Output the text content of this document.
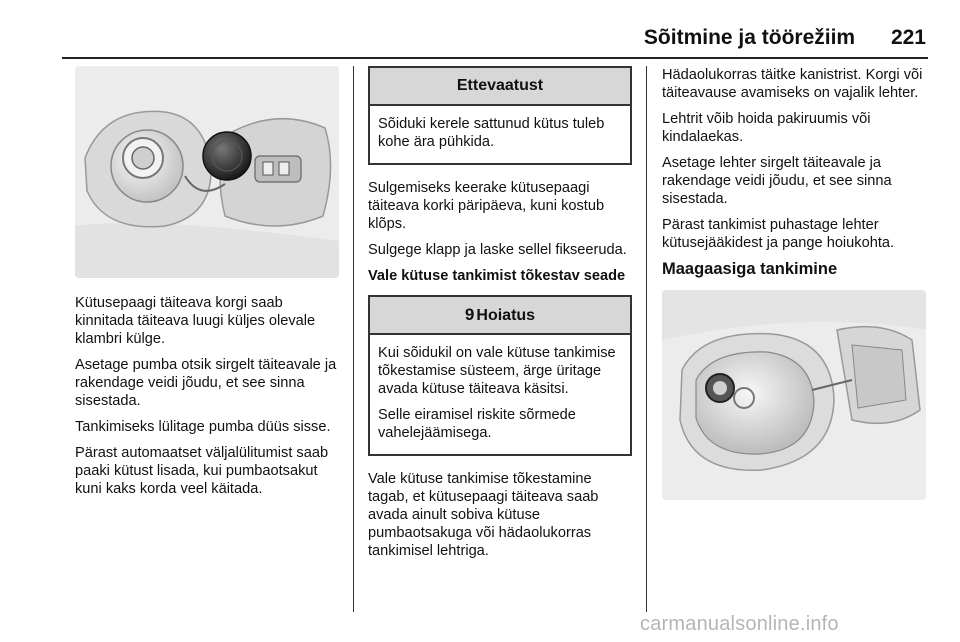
Sõitmine ja töörežiim 221

Kütusepaagi täiteava korgi saab kinnitada täiteava luugi küljes olevale klambri külge.

Asetage pumba otsik sirgelt täiteavale ja rakendage veidi jõudu, et see sinna sisestada.

Tankimiseks lülitage pumba düüs sisse.

Pärast automaatset väljalülitumist saab paaki kütust lisada, kui pumbaotsakut kuni kaks korda veel käitada.

Ettevaatust

Sõiduki kerele sattunud kütus tuleb kohe ära pühkida.

Sulgemiseks keerake kütusepaagi täiteava korki päripäeva, kuni kostub klõps.

Sulgege klapp ja laske sellel fikseeruda.

Vale kütuse tankimist tõkestav seade
9 Hoiatus

Kui sõidukil on vale kütuse tankimise tõkestamise süsteem, ärge üritage avada kütuse täiteava käsitsi.

Selle eiramisel riskite sõrmede vahelejäämisega.

Vale kütuse tankimise tõkestamine tagab, et kütusepaagi täiteava saab avada ainult sobiva kütuse pumbaotsakuga või hädaolukorras tankimisel lehtriga.

Hädaolukorras täitke kanistrist. Korgi või täiteavause avamiseks on vajalik lehter.

Lehtrit võib hoida pakiruumis või kindalaekas.

Asetage lehter sirgelt täiteavale ja rakendage veidi jõudu, et see sinna sisestada.

Pärast tankimist puhastage lehter kütusejääkidest ja pange hoiukohta.

Maagaasiga tankimine
carmanualsonline.info
